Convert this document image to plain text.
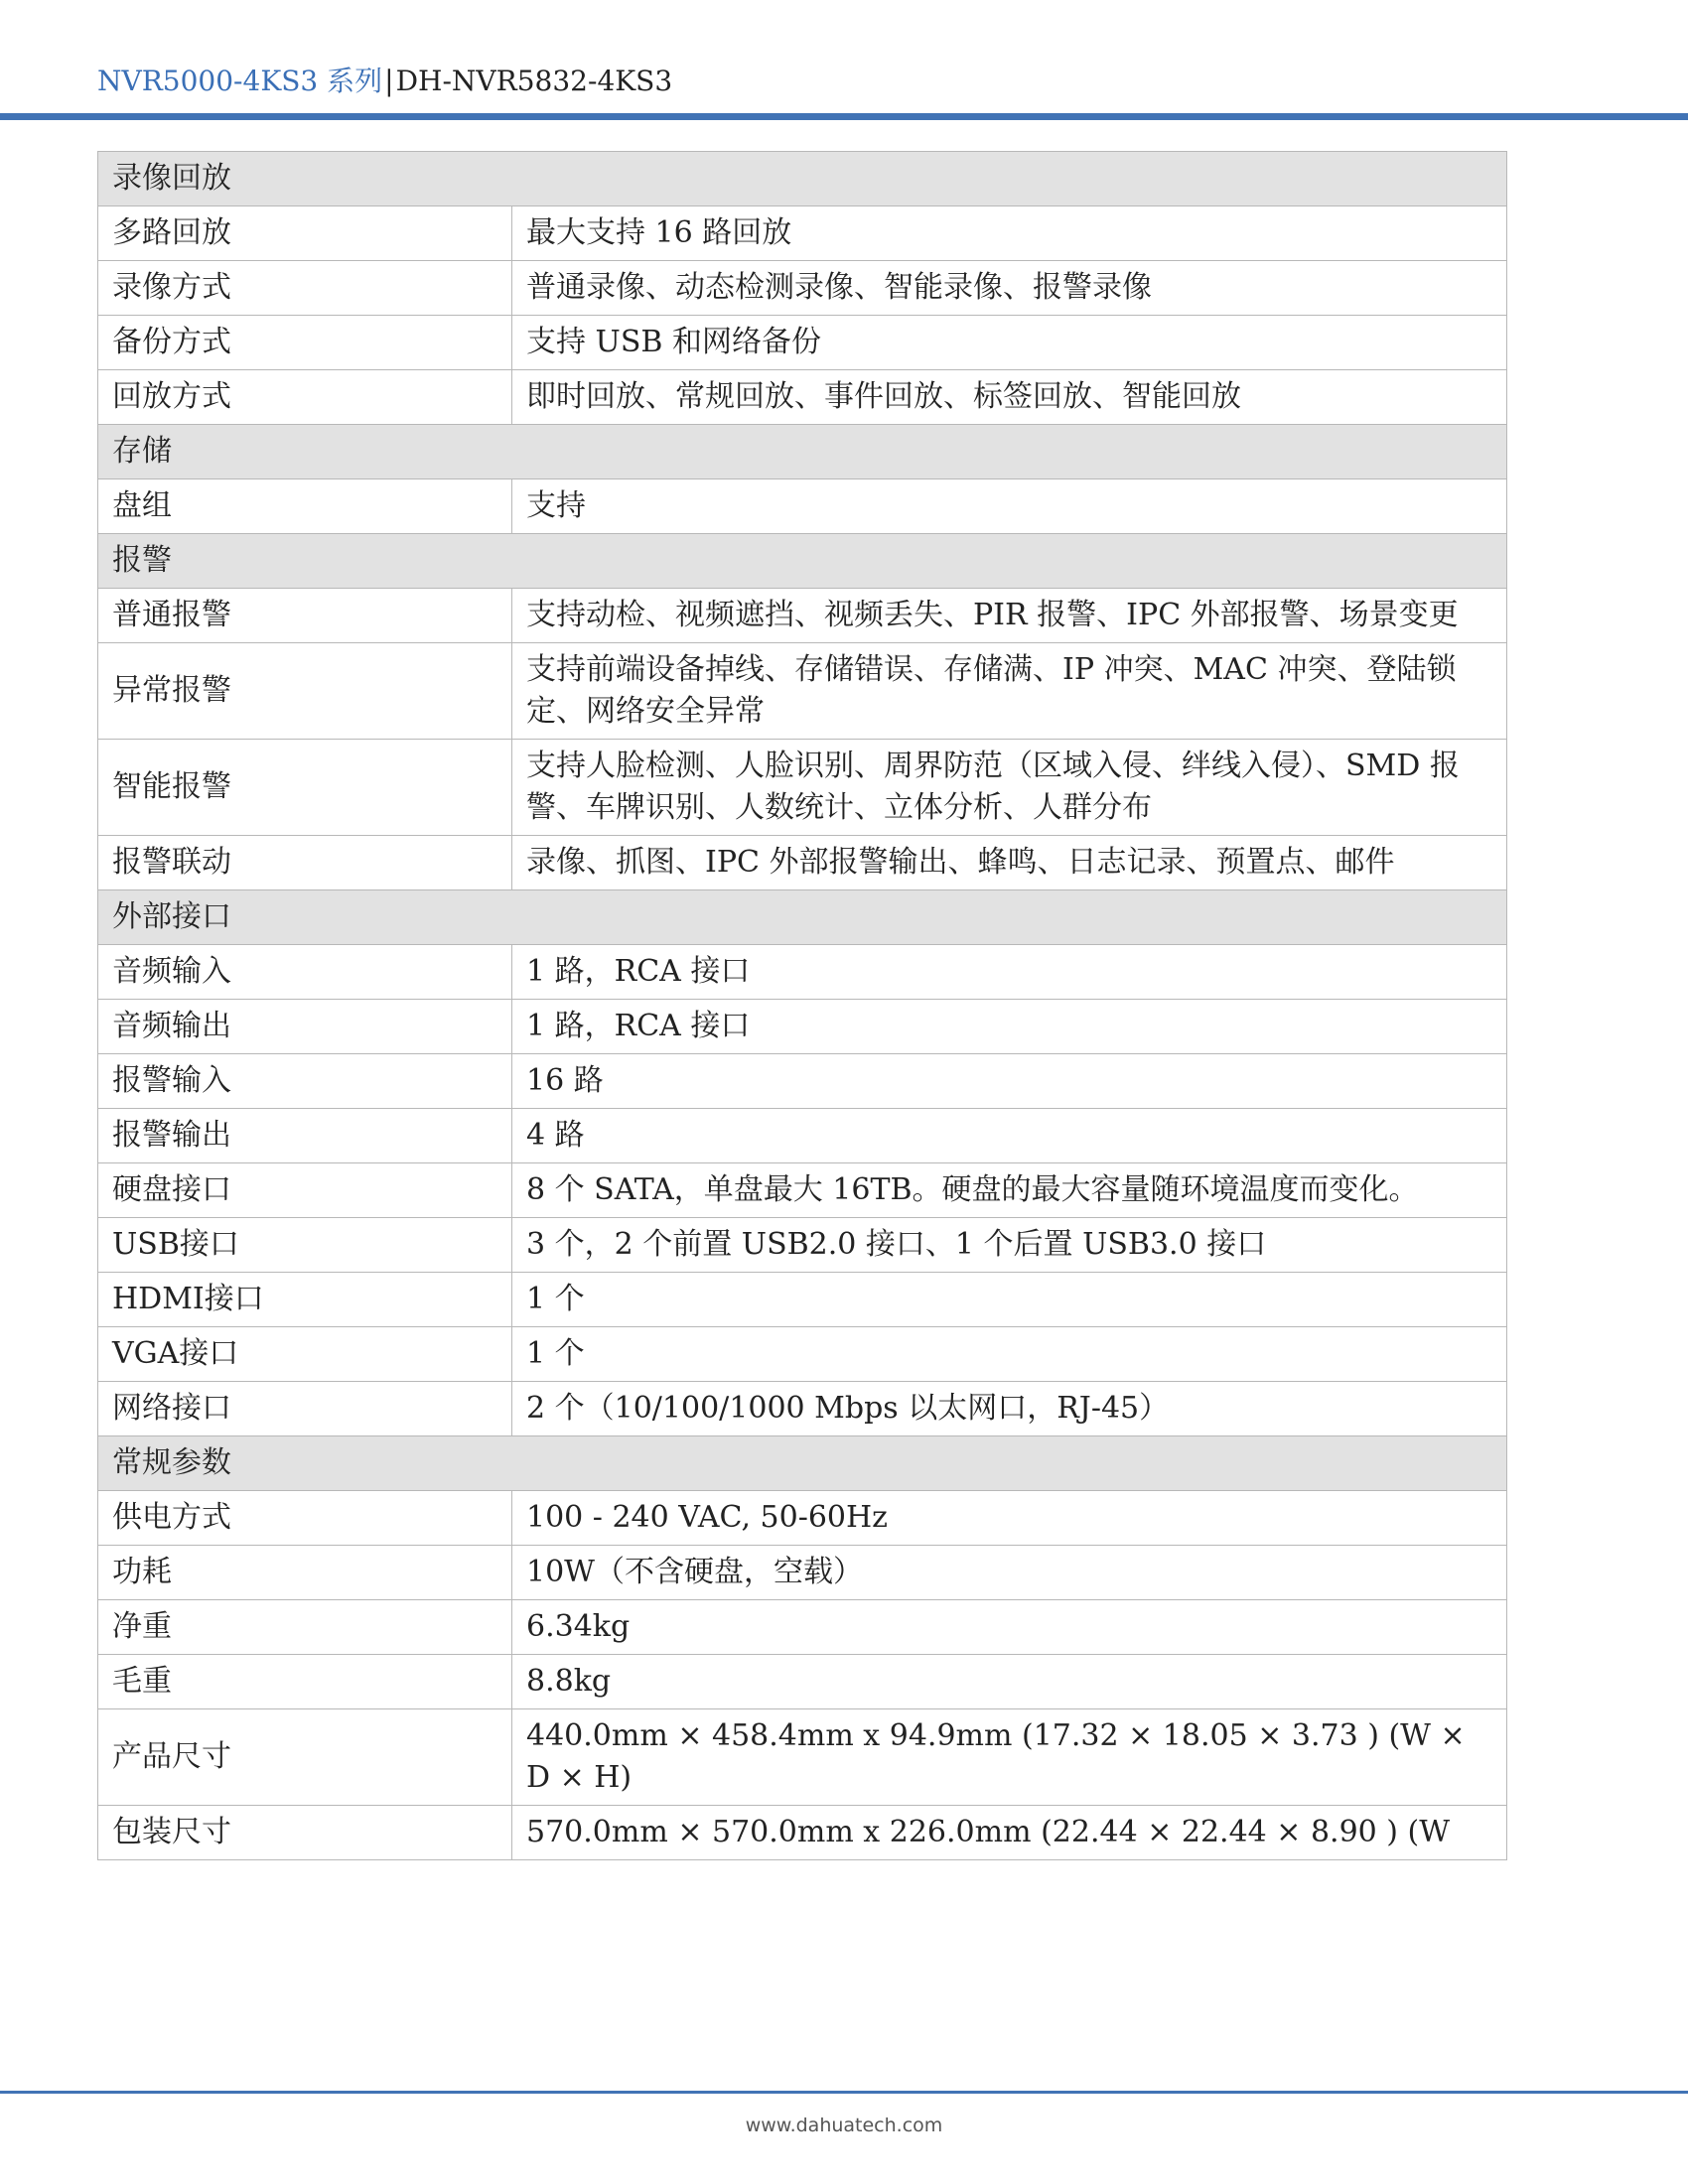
NVR5000-4KS3 系列|DH-NVR5832-4KS3
录像回放	
多路回放	最大支持 16 路回放
录像方式	普通录像、动态检测录像、智能录像、报警录像
备份方式	支持 USB 和网络备份
回放方式	即时回放、常规回放、事件回放、标签回放、智能回放
存储	
盘组	支持
报警	
普通报警	支持动检、视频遮挡、视频丢失、PIR 报警、IPC 外部报警、场景变更
异常报警	支持前端设备掉线、存储错误、存储满、IP 冲突、MAC 冲突、登陆锁定、网络安全异常
智能报警	支持人脸检测、人脸识别、周界防范（区域入侵、绊线入侵）、SMD 报警、车牌识别、人数统计、立体分析、人群分布
报警联动	录像、抓图、IPC 外部报警输出、蜂鸣、日志记录、预置点、邮件
外部接口	
音频输入	1 路，RCA 接口
音频输出	1 路，RCA 接口
报警输入	16 路
报警输出	4 路
硬盘接口	8 个 SATA，单盘最大 16TB。硬盘的最大容量随环境温度而变化。
USB接口	3 个，2 个前置 USB2.0 接口、1 个后置 USB3.0 接口
HDMI接口	1 个
VGA接口	1 个
网络接口	2 个（10/100/1000 Mbps 以太网口，RJ-45）
常规参数	
供电方式	100 - 240 VAC, 50-60Hz
功耗	10W（不含硬盘，空载）
净重	6.34kg
毛重	8.8kg
产品尺寸	440.0mm × 458.4mm x 94.9mm (17.32 × 18.05 × 3.73 ) (W × D × H)
包装尺寸	570.0mm × 570.0mm x 226.0mm (22.44 × 22.44 × 8.90 ) (W
www.dahuatech.com
